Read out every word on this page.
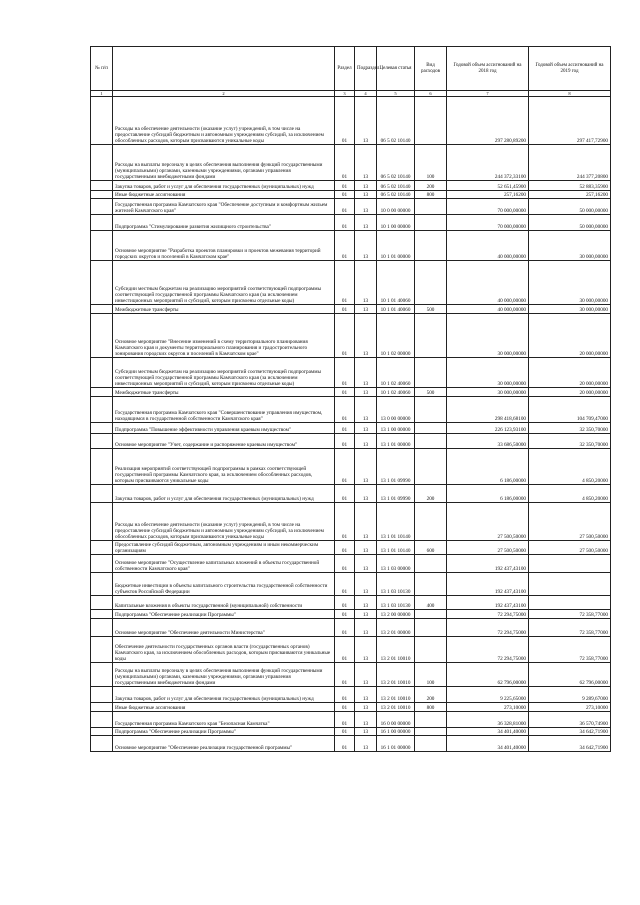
№ п/п		Раздел	Подраздел	Целевая статья	Вид расходов	Годовой объем ассигнований на 2018 год	Годовой объем ассигнований на 2019 год
1	2	3	4	5	6	7	8
	Расходы на обеспечение деятельности (оказание услуг) учреждений, в том числе на предоставление субсидий бюджетным и автономным учреждениям субсидий, за исключением обособленных расходов, которым присваиваются уникальные коды	01	13	06 5 02 10140		297 280,89200	297 417,72900
	Расходы на выплаты персоналу в целях обеспечения выполнения функций государственными (муниципальными) органами, казенными учреждениями, органами управления государственными внебюджетными фондами	01	13	06 5 02 10140	100	244 372,33100	244 377,20800
	Закупка товаров, работ и услуг для обеспечения государственных (муниципальных) нужд	01	13	06 5 02 10140	200	52 651,45900	52 883,35900
	Иные бюджетные ассигнования	01	13	06 5 02 10140	800	257,16200	257,16200
	Государственная программа Камчатского края "Обеспечение доступным и комфортным жильем жителей Камчатского края"	01	13	10 0 00 00000		70 000,00000	50 000,00000
	Подпрограмма "Стимулирование развития жилищного строительства"	01	13	10 1 00 00000		70 000,00000	50 000,00000
	Основное мероприятие "Разработка проектов планировки и проектов межевания территорий городских округов и поселений в Камчатском крае"	01	13	10 1 01 00000		40 000,00000	30 000,00000
	Субсидии местным бюджетам на реализацию мероприятий соответствующей подпрограммы соответствующей государственной программы Камчатского края (за исключением инвестиционных мероприятий и субсидий, которым присвоены отдельные коды)	01	13	10 1 01 40060		40 000,00000	30 000,00000
	Межбюджетные трансферты	01	13	10 1 01 40060	500	40 000,00000	30 000,00000
	Основное мероприятие "Внесение изменений в схему территориального планирования Камчатского края и документы территориального планирования и градостроительного зонирования городских округов и поселений в Камчатском крае"	01	13	10 1 02 00000		30 000,00000	20 000,00000
	Субсидии местным бюджетам на реализацию мероприятий соответствующей подпрограммы соответствующей государственной программы Камчатского края (за исключением инвестиционных мероприятий и субсидий, которым присвоены отдельные коды)	01	13	10 1 02 40060		30 000,00000	20 000,00000
	Межбюджетные трансферты	01	13	10 1 02 40060	500	30 000,00000	20 000,00000
	Государственная программа Камчатского края "Совершенствование управления имуществом, находящимся в государственной собственности Камчатского края"	01	13	13 0 00 00000		298 418,68100	104 709,47000
	Подпрограмма "Повышение эффективности управления краевым имуществом"	01	13	13 1 00 00000		226 123,93100	32 350,70000
	Основное мероприятие "Учет, содержание и распоряжение краевым имуществом"	01	13	13 1 01 00000		33 686,50000	32 350,70000
	Реализация мероприятий соответствующей подпрограммы в рамках соответствующей государственной программы Камчатского края, за исключением обособленных расходов, которым присваиваются уникальные коды	01	13	13 1 01 09990		6 186,00000	4 850,20000
	Закупка товаров, работ и услуг для обеспечения государственных (муниципальных) нужд	01	13	13 1 01 09990	200	6 186,00000	4 850,20000
	Расходы на обеспечение деятельности (оказание услуг) учреждений, в том числе на предоставление субсидий бюджетным и автономным учреждениям субсидий, за исключением обособленных расходов, которым присваиваются уникальные коды	01	13	13 1 01 10140		27 500,50000	27 500,50000
	Предоставление субсидий бюджетным, автономным учреждениям и иным некоммерческим организациям	01	13	13 1 01 10140	600	27 500,50000	27 500,50000
	Основное мероприятие "Осуществление капитальных вложений в объекты государственной собственности Камчатского края"	01	13	13 1 03 00000		192 437,43100	
	Бюджетные инвестиции в объекты капитального строительства государственной собственности субъектов Российской Федерации	01	13	13 1 03 10130		192 437,43100	
	Капитальные вложения в объекты государственной (муниципальной) собственности	01	13	13 1 03 10130	400	192 437,43100	
	Подпрограмма "Обеспечение реализации Программы"	01	13	13 2 00 00000		72 294,75000	72 358,77000
	Основное мероприятие "Обеспечение деятельности Министерства"	01	13	13 2 01 00000		72 294,75000	72 358,77000
	Обеспечение деятельности государственных органов власти (государственных органов) Камчатского края, за исключением обособленных расходов, которым присваиваются уникальные коды	01	13	13 2 01 10010		72 294,75000	72 358,77000
	Расходы на выплаты персоналу в целях обеспечения выполнения функций государственными (муниципальными) органами, казенными учреждениями, органами управления государственными внебюджетными фондами	01	13	13 2 01 10010	100	62 796,00000	62 796,00000
	Закупка товаров, работ и услуг для обеспечения государственных (муниципальных) нужд	01	13	13 2 01 10010	200	9 225,65000	9 289,67000
	Иные бюджетные ассигнования	01	13	13 2 01 10010	800	273,10000	273,10000
	Государственная программа Камчатского края "Безопасная Камчатка"	01	13	16 0 00 00000		36 328,81000	36 570,74900
	Подпрограмма "Обеспечение реализации Программы"	01	13	16 1 00 00000		34 401,40000	34 642,71900
	Основное мероприятие "Обеспечение реализации государственной программы"	01	13	16 1 01 00000		34 401,40000	34 642,71900
